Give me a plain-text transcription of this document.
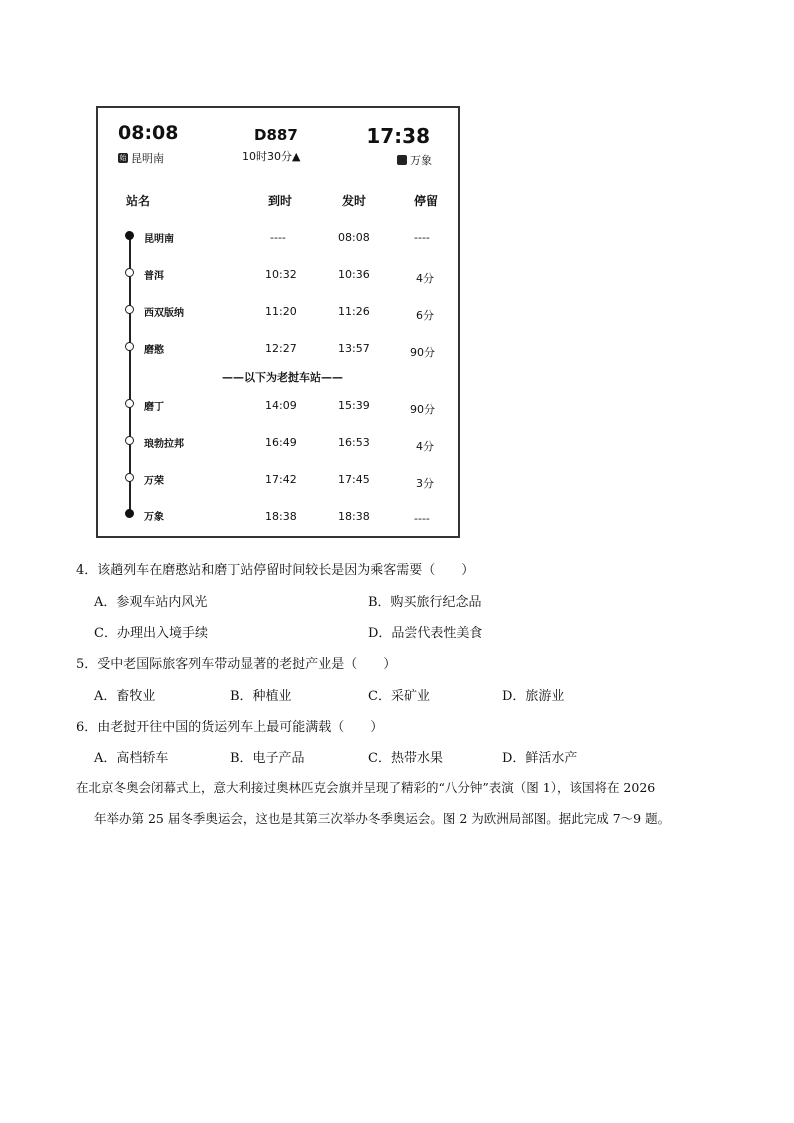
08:08	D887	17:38
始 昆明南	10时30分▲	万象
站名	到时	发时	停留
昆明南	----	08:08	----
普洱	10:32	10:36	4分
西双版纳	11:20	11:26	6分
磨憨	12:27	13:57	90分
——以下为老挝车站——
磨丁	14:09	15:39	90分
琅勃拉邦	16:49	16:53	4分
万荣	17:42	17:45	3分
万象	18:38	18:38	----
4．该趟列车在磨憨站和磨丁站停留时间较长是因为乘客需要（　　）
A．参观车站内风光	B．购买旅行纪念品
C．办理出入境手续	D．品尝代表性美食
5．受中老国际旅客列车带动显著的老挝产业是（　　）
A．畜牧业	B．种植业	C．采矿业	D．旅游业
6．由老挝开往中国的货运列车上最可能满载（　　）
A．高档轿车	B．电子产品	C．热带水果	D．鲜活水产
在北京冬奥会闭幕式上，意大利接过奥林匹克会旗并呈现了精彩的“八分钟”表演（图 1），该国将在 2026
年举办第 25 届冬季奥运会，这也是其第三次举办冬季奥运会。图 2 为欧洲局部图。据此完成 7～9 题。
